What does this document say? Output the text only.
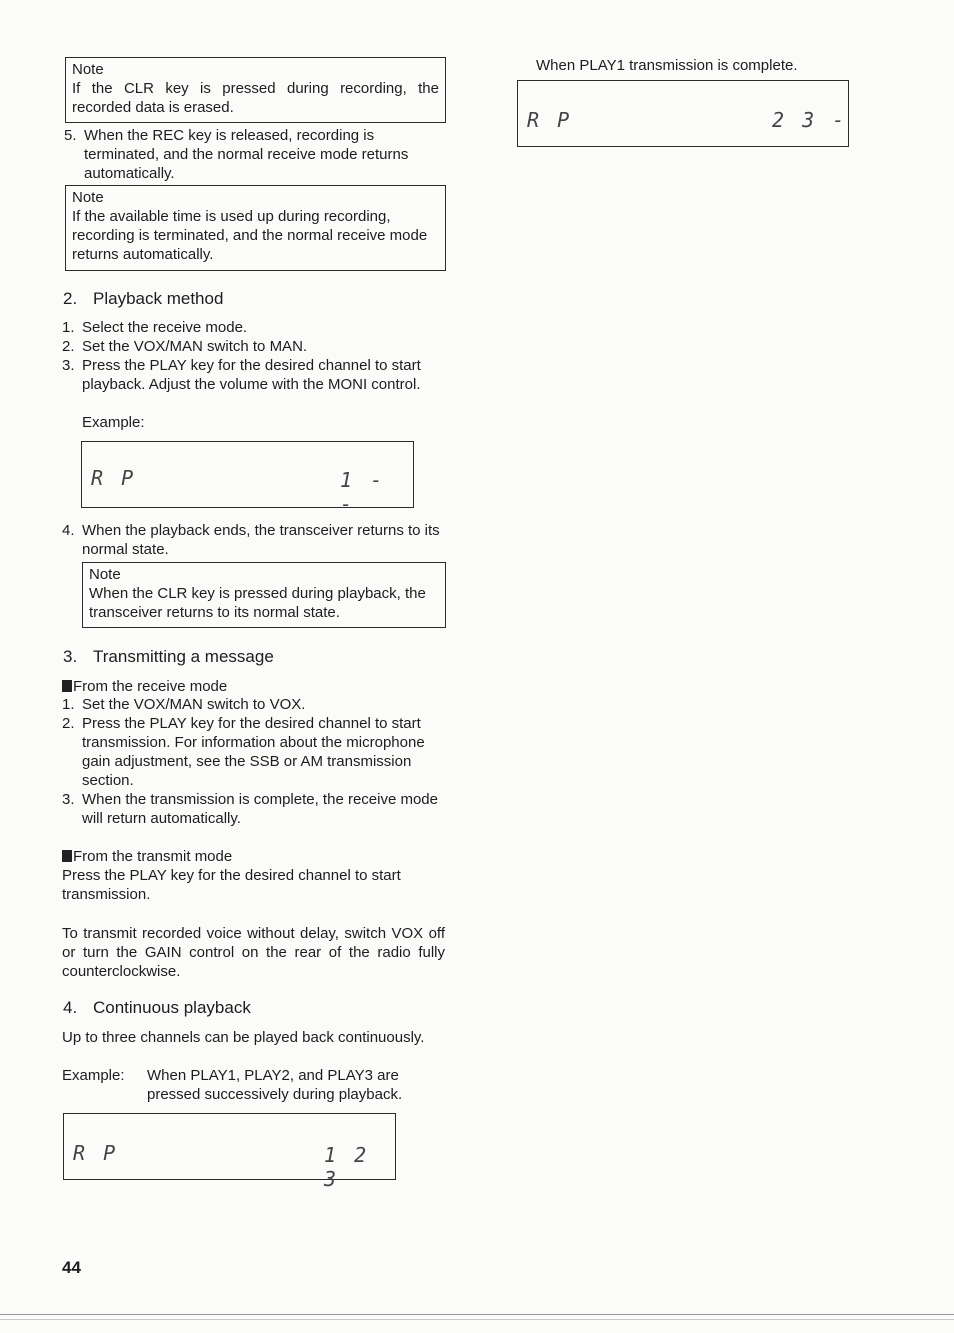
Note
If the CLR key is pressed during recording, the
recorded data is erased.
5. When the REC key is released, recording is terminated, and the normal receive mode returns automatically.
Note
If the available time is used up during recording, recording is terminated, and the normal receive mode returns automatically.
2. Playback method
1. Select the receive mode.
2. Set the VOX/MAN switch to MAN.
3. Press the PLAY key for the desired channel to start playback. Adjust the volume with the MONI control.
Example:
R P	1 - -
4. When the playback ends, the transceiver returns to its normal state.
Note
When the CLR key is pressed during playback, the transceiver returns to its normal state.
3. Transmitting a message
From the receive mode
1. Set the VOX/MAN switch to VOX.
2. Press the PLAY key for the desired channel to start transmission. For information about the microphone gain adjustment, see the SSB or AM transmission section.
3. When the transmission is complete, the receive mode will return automatically.
From the transmit mode
Press the PLAY key for the desired channel to start transmission.
To transmit recorded voice without delay, switch VOX off or turn the GAIN control on the rear of the radio fully counterclockwise.
4. Continuous playback
Up to three channels can be played back continuously.
Example: When PLAY1, PLAY2, and PLAY3 are
pressed successively during playback.
R P	1 2 3
44
When PLAY1 transmission is complete.
R P	2 3 -
